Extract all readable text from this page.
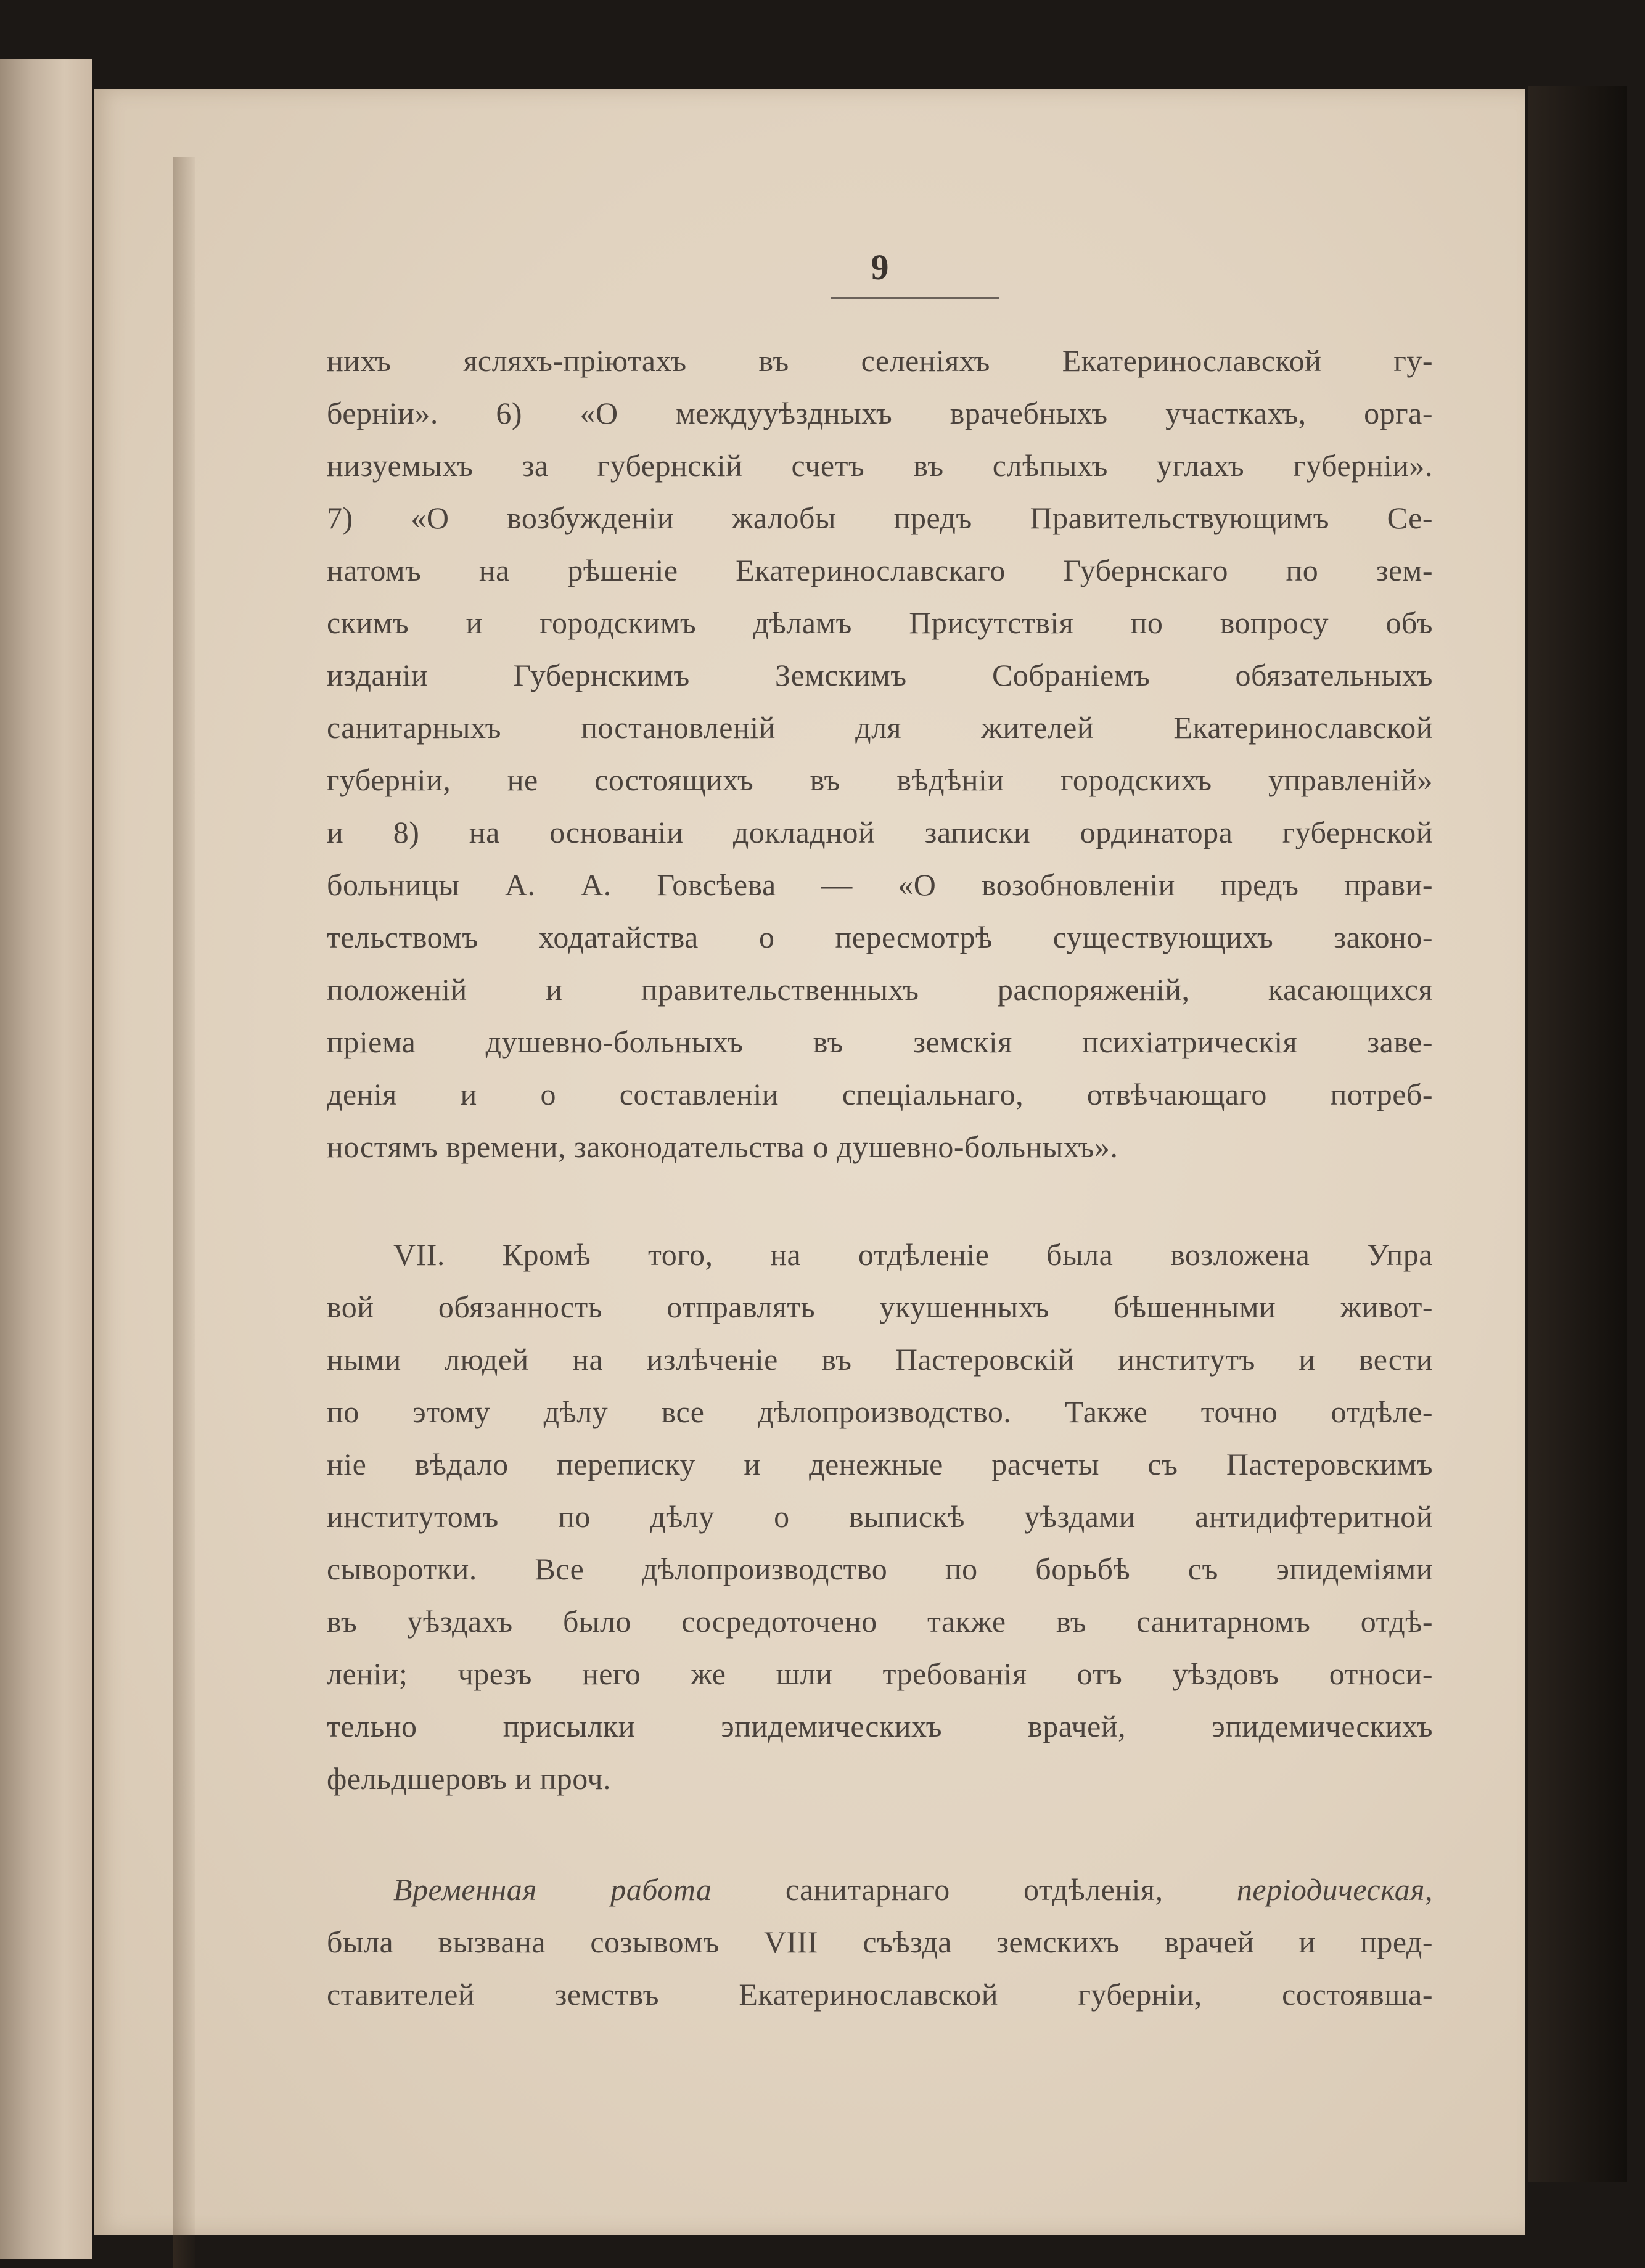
9
нихъ ясляхъ-пріютахъ въ селеніяхъ Екатеринославской гу-
берніи». 6) «О междууѣздныхъ врачебныхъ участкахъ, орга-
низуемыхъ за губернскій счетъ въ слѣпыхъ углахъ губерніи».
7) «О возбужденіи жалобы предъ Правительствующимъ Се-
натомъ на рѣшеніе Екатеринославскаго Губернскаго по зем-
скимъ и городскимъ дѣламъ Присутствія по вопросу объ
изданіи Губернскимъ Земскимъ Собраніемъ обязательныхъ
санитарныхъ постановленій для жителей Екатеринославской
губерніи, не состоящихъ въ вѣдѣніи городскихъ управленій»
и 8) на основаніи докладной записки ординатора губернской
больницы А. А. Говсѣева — «О возобновленіи предъ прави-
тельствомъ ходатайства о пересмотрѣ существующихъ законо-
положеній и правительственныхъ распоряженій, касающихся
пріема душевно-больныхъ въ земскія психіатрическія заве-
денія и о составленіи спеціальнаго, отвѣчающаго потреб-
ностямъ времени, законодательства о душевно-больныхъ».
VII. Кромѣ того, на отдѣленіе была возложена Упра
вой обязанность отправлять укушенныхъ бѣшенными живот-
ными людей на излѣченіе въ Пастеровскій институтъ и вести
по этому дѣлу все дѣлопроизводство. Также точно отдѣле-
ніе вѣдало переписку и денежные расчеты съ Пастеровскимъ
институтомъ по дѣлу о выпискѣ уѣздами антидифтеритной
сыворотки. Все дѣлопроизводство по борьбѣ съ эпидеміями
въ уѣздахъ было сосредоточено также въ санитарномъ отдѣ-
леніи; чрезъ него же шли требованія отъ уѣздовъ относи-
тельно присылки эпидемическихъ врачей, эпидемическихъ
фельдшеровъ и проч.
Временная работа санитарнаго отдѣленія, періодическая,
была вызвана созывомъ VIII съѣзда земскихъ врачей и пред-
ставителей земствъ Екатеринославской губерніи, состоявша-
